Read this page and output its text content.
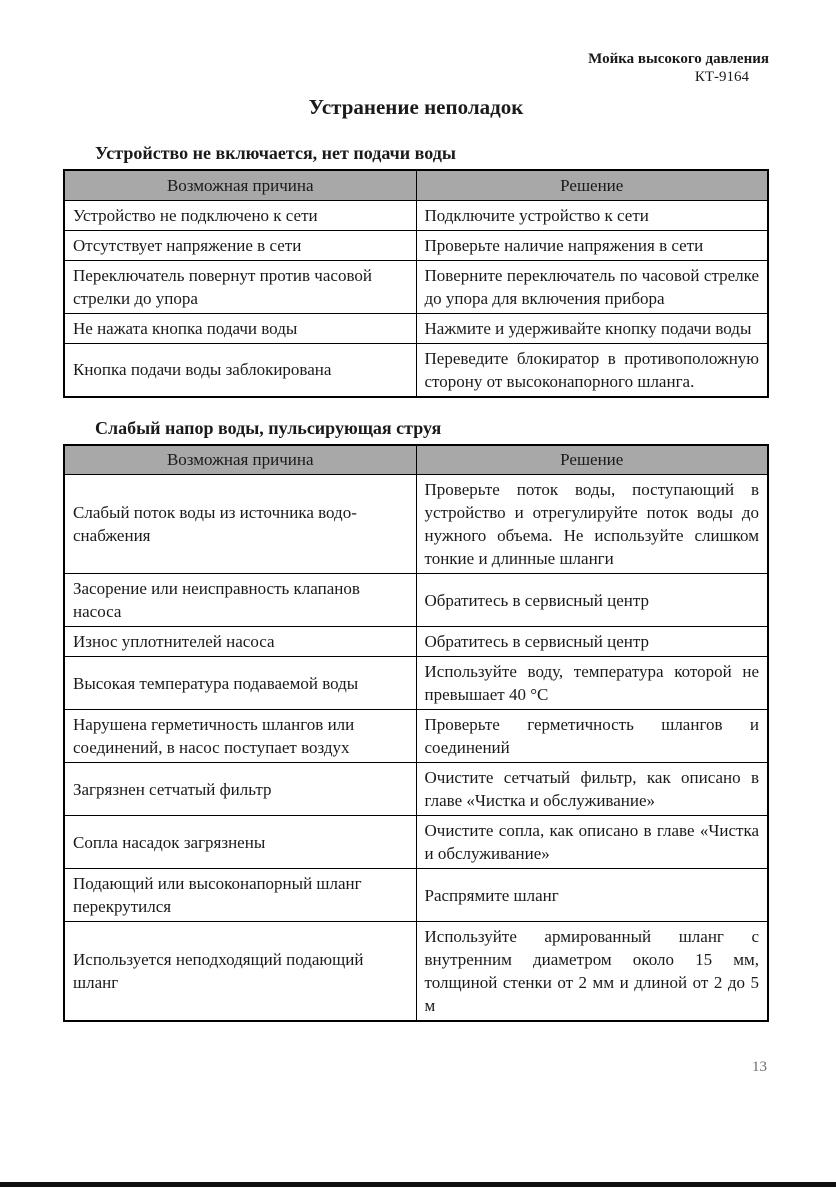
Мойка высокого давления
КТ-9164
Устранение неполадок
Устройство не включается, нет подачи воды
Возможная причина	Решение
Устройство не подключено к сети	Подключите устройство к сети
Отсутствует напряжение в сети	Проверьте наличие напряжения в сети
Переключатель повернут против часовой стрелки до упора	Поверните переключатель по часовой стрелке до упора для включения прибора
Не нажата кнопка подачи воды	Нажмите и удерживайте кнопку подачи воды
Кнопка подачи воды заблокирована	Переведите блокиратор в противоположную сторону от высоконапорного шланга.
Слабый напор воды, пульсирующая струя
Возможная причина	Решение
Слабый поток воды из источника водоснабжения	Проверьте поток воды, поступающий в устройство и отрегулируйте поток воды до нужного объема. Не используйте слишком тонкие и длинные шланги
Засорение или неисправность клапанов насоса	Обратитесь в сервисный центр
Износ уплотнителей насоса	Обратитесь в сервисный центр
Высокая температура подаваемой воды	Используйте воду, температура которой не превышает 40 °C
Нарушена герметичность шлангов или соединений, в насос поступает воздух	Проверьте герметичность шлангов и соединений
Загрязнен сетчатый фильтр	Очистите сетчатый фильтр, как описано в главе «Чистка и обслуживание»
Сопла насадок загрязнены	Очистите сопла, как описано в главе «Чистка и обслуживание»
Подающий или высоконапорный шланг перекрутился	Распрямите шланг
Используется неподходящий подающий шланг	Используйте армированный шланг с внутренним диаметром около 15 мм, толщиной стенки от 2 мм и длиной от 2 до 5 м
13
